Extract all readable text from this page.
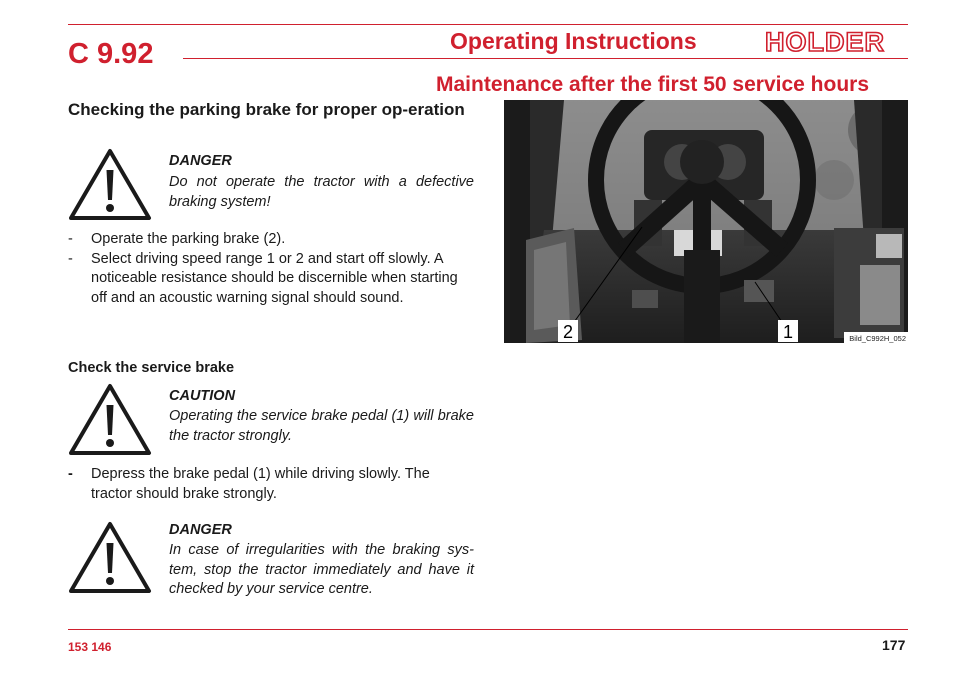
C 9.92	Operating Instructions	HOLDER
Maintenance after the first 50 service hours
Checking the parking brake for proper op-eration
DANGER
Do not operate the tractor with a defective braking system!
- Operate the parking brake (2).
- Select driving speed range 1 or 2 and start off slowly. A noticeable resistance should be discernible when starting off and an acoustic warning signal should sound.
Check the service brake
CAUTION
Operating the service brake pedal (1) will brake the tractor strongly.
- Depress the brake pedal (1) while driving slowly. The tractor should brake strongly.
DANGER
In case of irregularities with the braking sys-tem, stop the tractor immediately and have it checked by your service centre.
2	1	Bild_C992H_052
153 146	177
